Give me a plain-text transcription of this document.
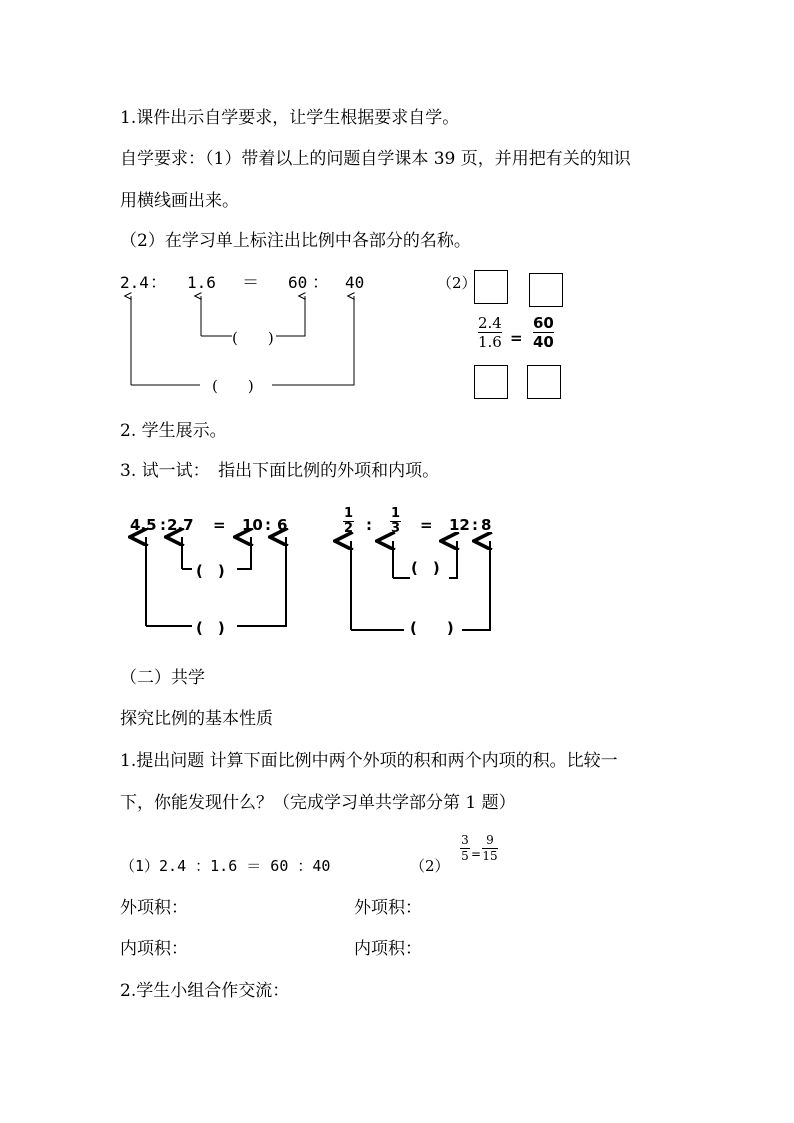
1.课件出示自学要求，让学生根据要求自学。
自学要求：（1）带着以上的问题自学课本 39 页，并用把有关的知识
用横线画出来。
（2）在学习单上标注出比例中各部分的名称。
2.4 ： 1.6 ＝ 60 ： 40
(　　)
(　　)
（2）
2.4
1.6 =
60
40
2. 学生展示。
3. 试一试：　指出下面比例的外项和内项。
4.5 : 2.7 = 10 : 6
(　)
(　)
1
2 :
1
3 = 12 : 8
(　)
(　　)
（二）共学
探究比例的基本性质
1.提出问题 计算下面比例中两个外项的积和两个内项的积。比较一
下，你能发现什么？（完成学习单共学部分第 1 题）
（1）2.4 ：1.6 ＝ 60 ：40	（2）
3
5 =
9
15
外项积：	外项积：
内项积：	内项积：
2.学生小组合作交流：
